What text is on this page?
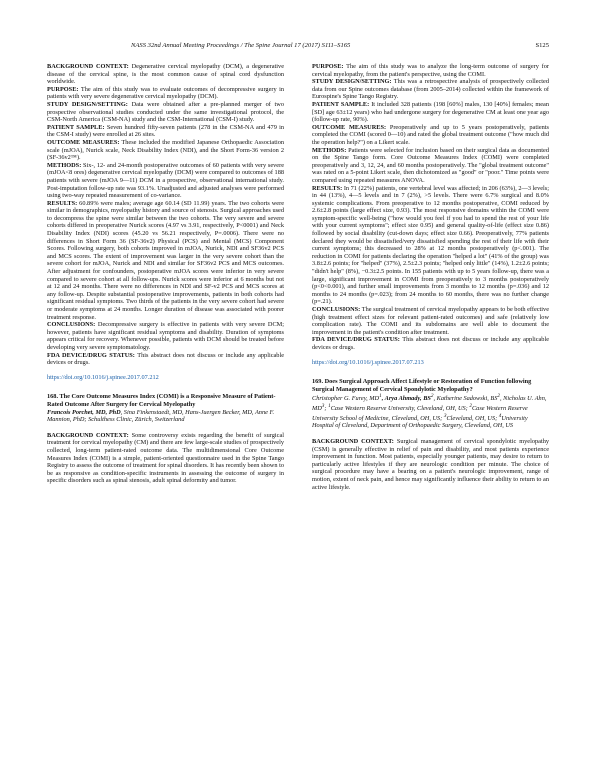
NASS 32nd Annual Meeting Proceedings / The Spine Journal 17 (2017) S111–S165	S125

BACKGROUND CONTEXT: Degenerative cervical myelopathy (DCM), a degenerative disease of the cervical spine, is the most common cause of spinal cord dysfunction worldwide.

PURPOSE: The aim of this study was to evaluate outcomes of decompressive surgery in patients with very severe degenerative cervical myelopathy (DCM).

STUDY DESIGN/SETTING: Data were obtained after a pre-planned merger of two prospective observational studies conducted under the same investigational protocol, the CSM-North America (CSM-NA) study and the CSM-International (CSM-I) study.

PATIENT SAMPLE: Seven hundred fifty-seven patients (278 in the CSM-NA and 479 in the CSM-I study) were enrolled at 26 sites.

OUTCOME MEASURES: These included the modified Japanese Orthopaedic Association scale (mJOA), Nurick scale, Neck Disability Index (NDI), and the Short Form-36 version 2 (SF-36v2™).

METHODS: Six-, 12- and 24-month postoperative outcomes of 60 patients with very severe (mJOA<8 ores) degenerative cervical myelopathy (DCM) were compared to outcomes of 188 patients with severe (mJOA 9—11) DCM in a prospective, observational international study. Post-imputation follow-up rate was 93.1%. Unadjusted and adjusted analyses were performed using two-way repeated measurement of co-variance.

RESULTS: 60.89% were males; average age 60.14 (SD 11.99) years. The two cohorts were similar in demographics, myelopathy history and source of stenosis. Surgical approaches used to decompress the spine were similar between the two cohorts. The very severe and severe cohorts differed in preoperative Nurick scores (4.97 vs 3.91, respectively, P<0001) and Neck Disability Index (NDI) scores (45.20 vs 56.21 respectively, P=.0006). There were no differences in Short Form 36 (SF-36v2) Physical (PCS) and Mental (MCS) Component Scores. Following surgery, both cohorts improved in mJOA, Nurick, NDI and SF36v2 PCS and MCS scores. The extent of improvement was larger in the very severe cohort than the severe cohort for mJOA, Nurick and NDI and similar for SF36v2 PCS and MCS outcomes. After adjustment for confounders, postoperative mJOA scores were inferior in very severe compared to severe cohort at all follow-ups. Nurick scores were inferior at 6 months but not at 12 and 24 months. There were no differences in NDI and SF-v2 PCS and MCS scores at any follow-up. Despite substantial postoperative improvements, patients in both cohorts had significant residual symptoms. Two thirds of the patients in the very severe cohort had severe or moderate symptoms at 24 months. Longer duration of disease was associated with poorer treatment response.

CONCLUSIONS: Decompressive surgery is effective in patients with very severe DCM; however, patients have significant residual symptoms and disability. Duration of symptoms appears critical for recovery. Whenever possible, patients with DCM should be treated before developing very severe symptomatology.

FDA DEVICE/DRUG STATUS: This abstract does not discuss or include any applicable devices or drugs.

https://doi.org/10.1016/j.spinee.2017.07.212

168. The Core Outcome Measures Index (COMI) is a Responsive Measure of Patient-Rated Outcome After Surgery for Cervical Myelopathy

Francois Porchet, MD, PhD, Sina Finkenstaedt, MD, Hans-Juergen Becker, MD, Anne F. Mannion, PhD; Schulthess Clinic, Zürich, Switzerland

BACKGROUND CONTEXT: Some controversy exists regarding the benefit of surgical treatment for cervical myelopathy (CM) and there are few large-scale studies of prospectively collected, long-term patient-rated outcome data. The multidimensional Core Outcome Measures Index (COMI) is a simple, patient-oriented questionnaire used in the Spine Tango Registry to assess the outcome of treatment for spinal disorders. It has recently been shown to be as responsive as condition-specific instruments in assessing the outcome of surgery in specific disorders such as spinal stenosis, adult spinal deformity and tumor.

PURPOSE: The aim of this study was to analyze the long-term outcome of surgery for cervical myelopathy, from the patient's perspective, using the COMI.

STUDY DESIGN/SETTING: This was a retrospective analysis of prospectively collected data from our Spine outcomes database (from 2005–2014) collected within the framework of Eurospine's Spine Tango Registry.

PATIENT SAMPLE: It included 328 patients (198 [60%] males, 130 [40%] females; mean [SD] age 63±12 years) who had undergone surgery for degenerative CM at least one year ago (follow-up rate, 90%).

OUTCOME MEASURES: Preoperatively and up to 5 years postoperatively, patients completed the COMI (scored 0—10) and rated the global treatment outcome ("how much did the operation help?") on a Likert scale.

METHODS: Patients were selected for inclusion based on their surgical data as documented on the Spine Tango form. Core Outcome Measures Index (COMI) were completed preoperatively and 3, 12, 24, and 60 months postoperatively. The "global treatment outcome" was rated on a 5-point Likert scale, then dichotomized as "good" or "poor." Time points were compared using repeated measures ANOVA.

RESULTS: In 71 (22%) patients, one vertebral level was affected; in 206 (63%), 2—3 levels; in 44 (13%), 4—5 levels and in 7 (2%), >5 levels. There were 6.7% surgical and 8.0% systemic complications. From preoperative to 12 months postoperative, COMI reduced by 2.6±2.8 points (large effect size, 0.93). The most responsive domains within the COMI were symptom-specific well-being ("how would you feel if you had to spend the rest of your life with your current symptoms"; effect size 0.95) and general quality-of-life (effect size 0.86) followed by social disability (cut-down days; effect size 0.66). Preoperatively, 77% patients declared they would be dissatisfied/very dissatisfied spending the rest of their life with their current symptoms; this decreased to 28% at 12 months postoperatively (p<.001). The reduction in COMI for patients declaring the operation "helped a lot" (41% of the group) was 3.8±2.6 points; for "helped" (37%), 2.5±2.3 points; "helped only little" (14%), 1.2±2.6 points; "didn't help" (8%), −0.3±2.5 points. In 155 patients with up to 5 years follow-up, there was a large, significant improvement in COMI from preoperatively to 3 months postoperatively (p<0<0.001), and further small improvements from 3 months to 12 months (p=.036) and 12 months to 24 months (p=.023); from 24 months to 60 months, there was no further change (p=.21).

CONCLUSIONS: The surgical treatment of cervical myelopathy appears to be both effective (high treatment effect sizes for relevant patient-rated outcomes) and safe (relatively low complication rate). The COMI and its subdomains are well able to document the improvement in the patient's condition after treatment.

FDA DEVICE/DRUG STATUS: This abstract does not discuss or include any applicable devices or drugs.

https://doi.org/10.1016/j.spinee.2017.07.213

169. Does Surgical Approach Affect Lifestyle or Restoration of Function following Surgical Management of Cervical Spondylotic Myelopathy?

Christopher G. Furey, $MD^1$, Arya Ahmady, $BS^2$, Katherine Sadowski, $BS^2$, Nicholas U. Ahn, $MD^3$; $^1$Case Western Reserve University, Cleveland, OH, US; $^2$Case Western Reserve University School of Medicine, Cleveland, OH, US; $^3$Cleveland, OH, US; $^4$University Hospital of Cleveland, Department of Orthopaedic Surgery, Cleveland, OH, US

BACKGROUND CONTEXT: Surgical management of cervical spondylotic myelopathy (CSM) is generally effective in relief of pain and disability, and most patients experience improvement in function. Most patients, especially younger patients, may desire to return to particularly active lifestyles if they are neurologic condition per minute. The choice of surgical procedure may have a bearing on a patient's neurologic improvement, range of motion, extent of neck pain, and hence may significantly influence their ability to return to an active lifestyle.
